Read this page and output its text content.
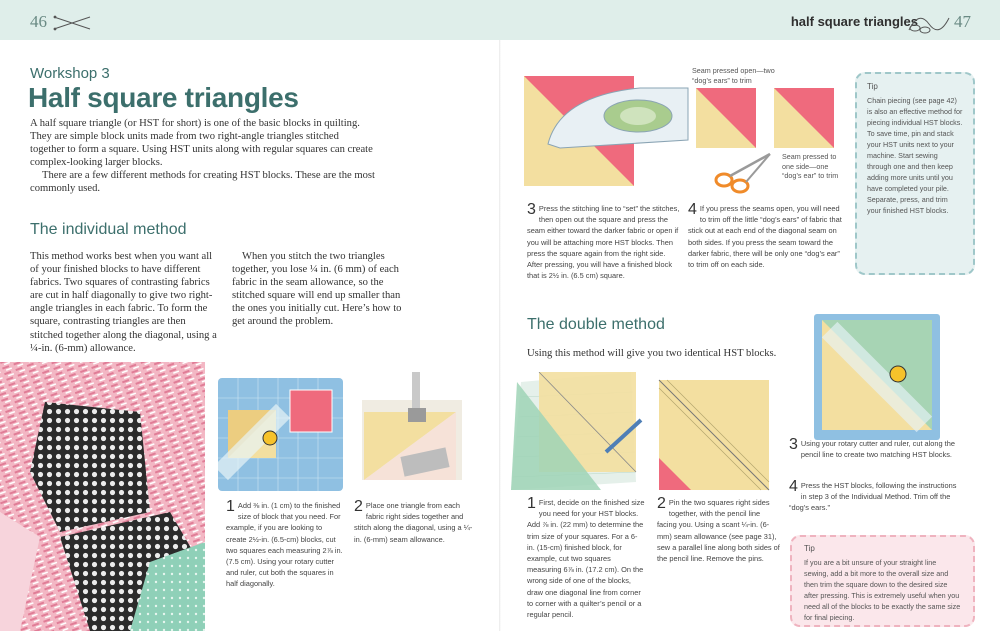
46	half square triangles 47
Workshop 3
Half square triangles

A half square triangle (or HST for short) is one of the basic blocks in quilting. They are simple block units made from two right-angle triangles stitched together to form a square. Using HST units along with regular squares can create complex-looking larger blocks.

There are a few different methods for creating HST blocks. These are the most commonly used.

The individual method
This method works best when you want all of your finished blocks to have different fabrics. Two squares of contrasting fabrics are cut in half diagonally to give two right-angle triangles in each fabric. To form the square, contrasting triangles are then stitched together along the diagonal, using a ¼-in. (6-mm) allowance.
When you stitch the two triangles together, you lose ¼ in. (6 mm) of each fabric in the seam allowance, so the stitched square will end up smaller than the ones you initially cut. Here’s how to get around the problem.
1 Add ⅜ in. (1 cm) to the finished size of block that you need. For example, if you are looking to create 2½-in. (6.5-cm) blocks, cut two squares each measuring 2⅞ in. (7.5 cm). Using your rotary cutter and ruler, cut both the squares in half diagonally.
2 Place one triangle from each fabric right sides together and stitch along the diagonal, using a ¼-in. (6-mm) seam allowance.
Seam pressed open—two “dog’s ears” to trim
Seam pressed to one side—one “dog’s ear” to trim
3 Press the stitching line to “set” the stitches, then open out the square and press the seam either toward the darker fabric or open if you will be attaching more HST blocks. Then press the square again from the right side. After pressing, you will have a finished block that is 2½ in. (6.5 cm) square.
4 If you press the seams open, you will need to trim off the little “dog’s ears” of fabric that stick out at each end of the diagonal seam on both sides. If you press the seam toward the darker fabric, there will be only one “dog’s ear” to trim off on each side.
Tip
Chain piecing (see page 42) is also an effective method for piecing individual HST blocks. To save time, pin and stack your HST units next to your machine. Start sewing through one and then keep adding more units until you have completed your pile. Separate, press, and trim your finished HST blocks.
The double method
Using this method will give you two identical HST blocks.
1 First, decide on the finished size you need for your HST blocks. Add ⅞ in. (22 mm) to determine the trim size of your squares. For a 6-in. (15-cm) finished block, for example, cut two squares measuring 6⅞ in. (17.2 cm). On the wrong side of one of the blocks, draw one diagonal line from corner to corner with a quilter’s pencil or a regular pencil.
2 Pin the two squares right sides together, with the pencil line facing you. Using a scant ¼-in. (6-mm) seam allowance (see page 31), sew a parallel line along both sides of the pencil line. Remove the pins.
3 Using your rotary cutter and ruler, cut along the pencil line to create two matching HST blocks.
4 Press the HST blocks, following the instructions in step 3 of the Individual Method. Trim off the “dog’s ears.”
Tip
If you are a bit unsure of your straight line sewing, add a bit more to the overall size and then trim the square down to the desired size after pressing. This is extremely useful when you need all of the blocks to be exactly the same size for final piecing.
